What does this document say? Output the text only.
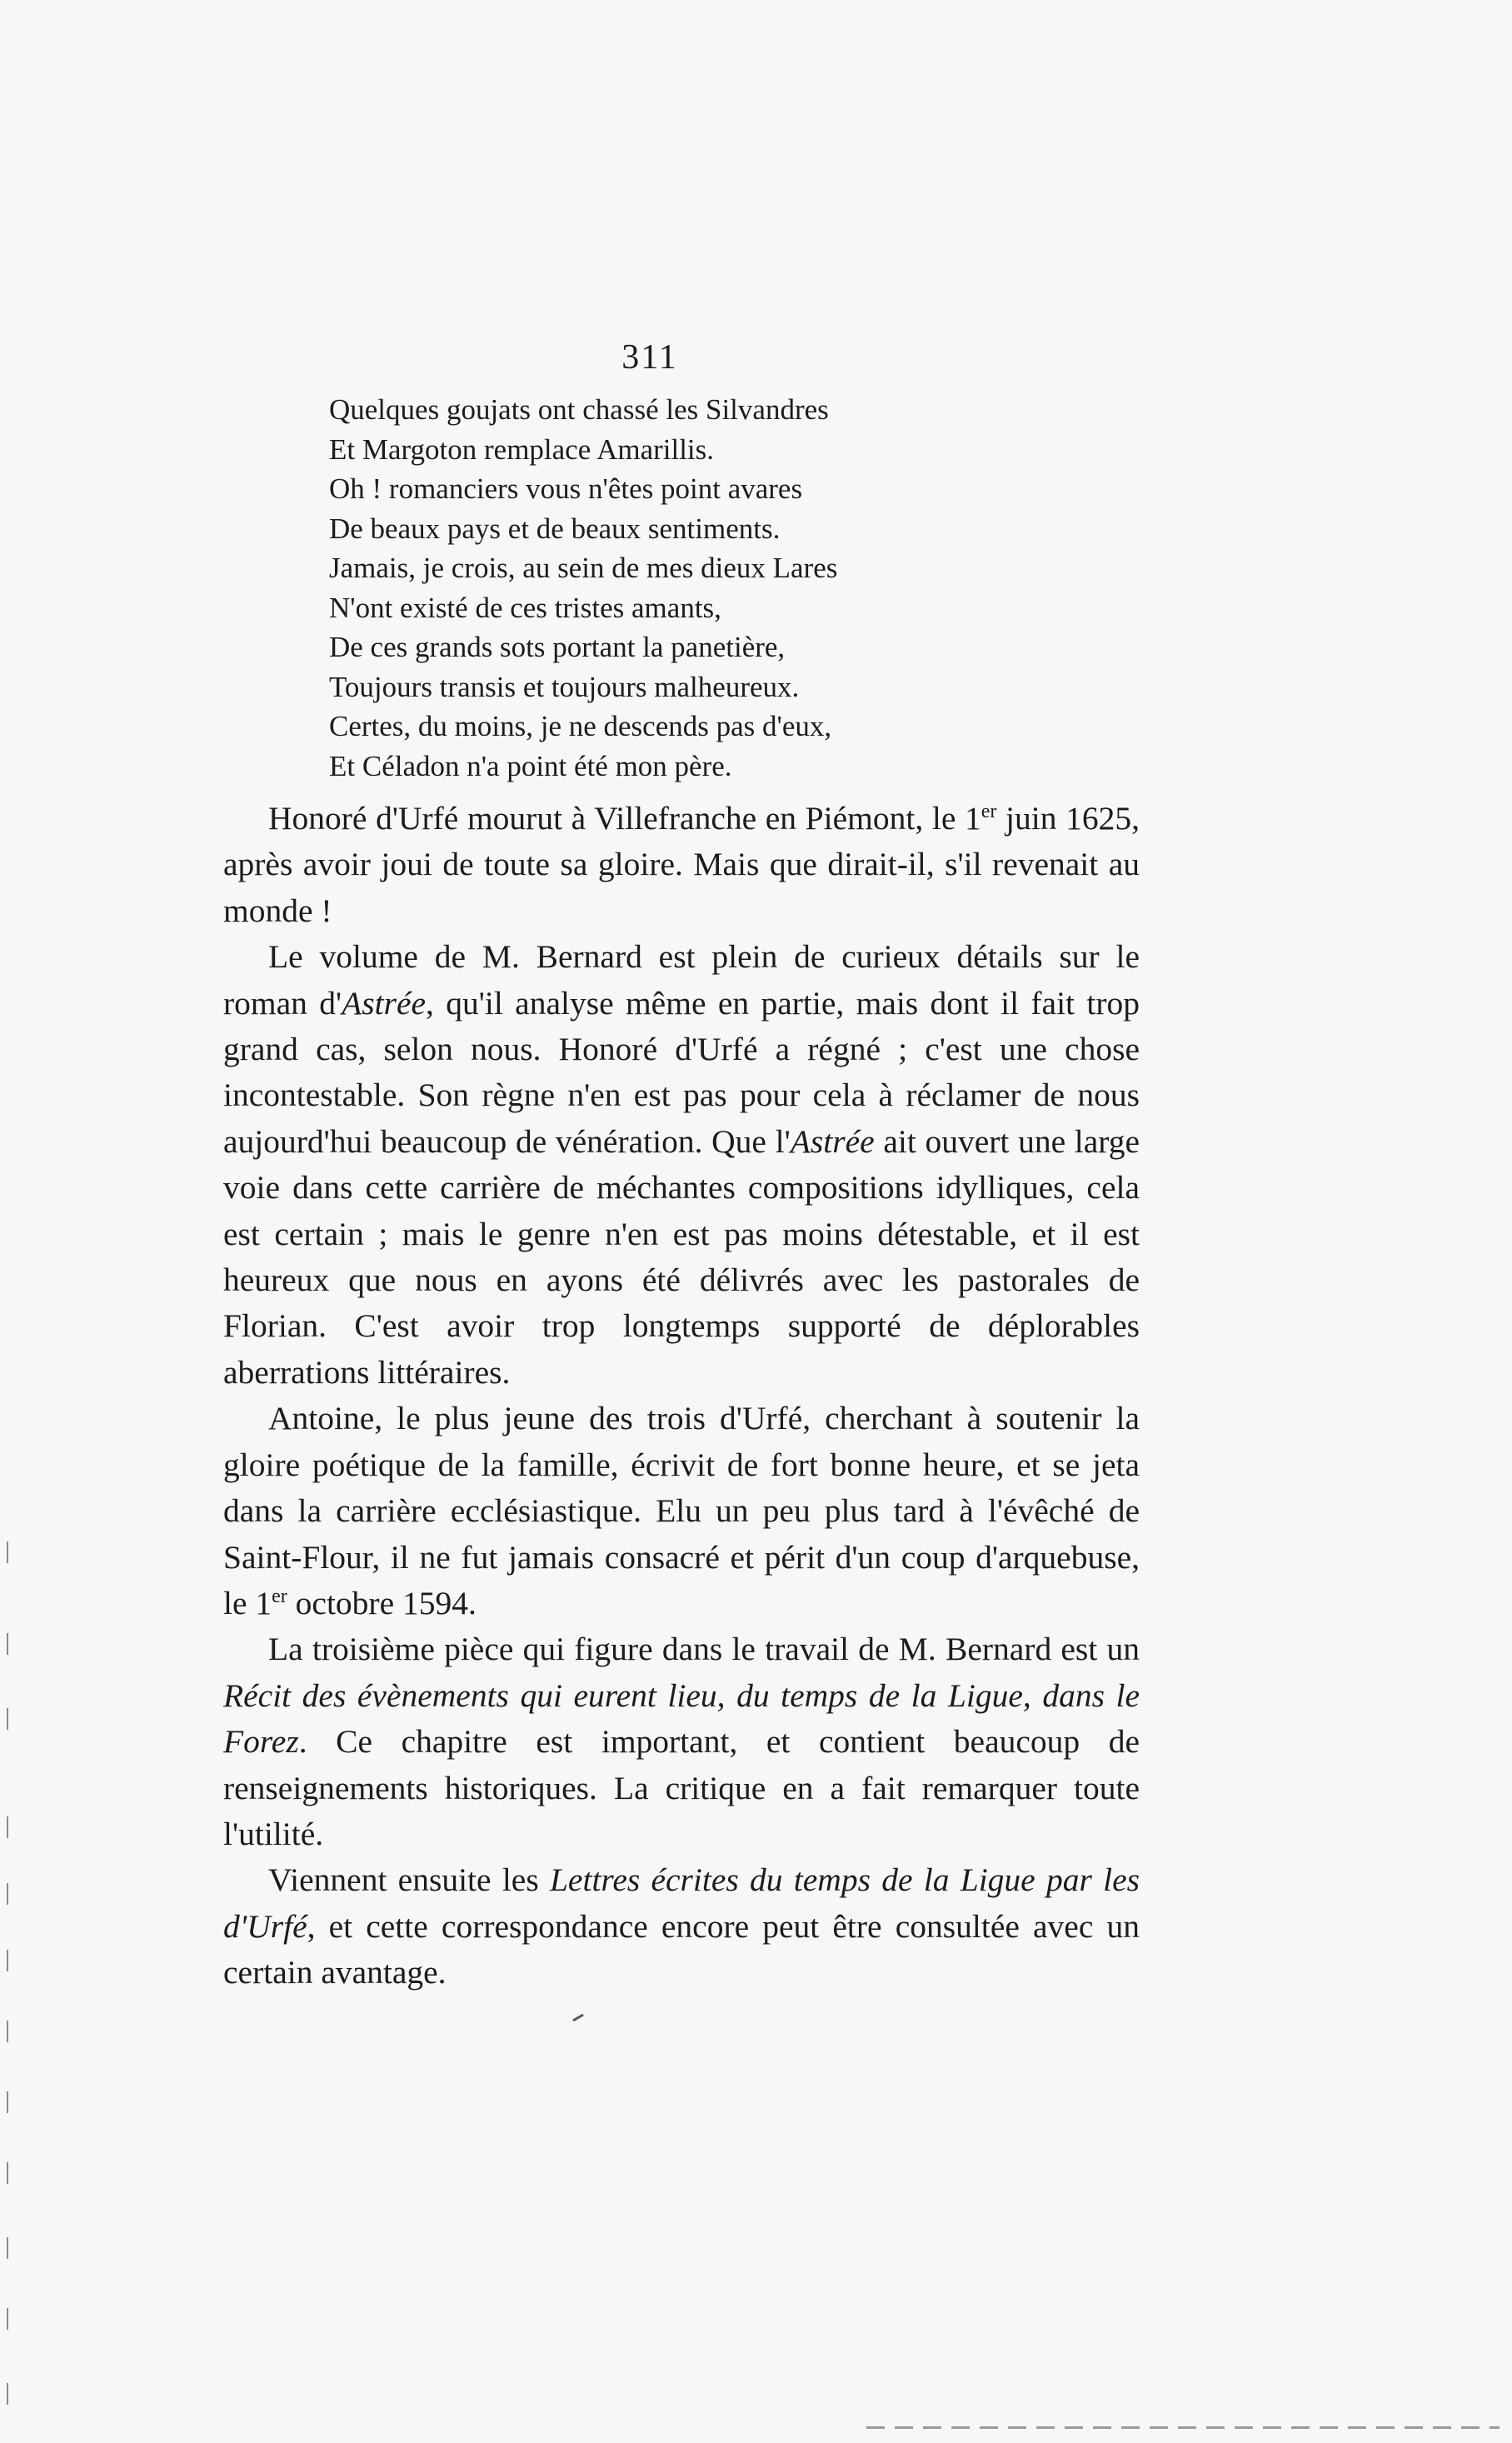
311
Quelques goujats ont chassé les Silvandres
Et Margoton remplace Amarillis.
Oh ! romanciers vous n'êtes point avares
De beaux pays et de beaux sentiments.
Jamais, je crois, au sein de mes dieux Lares
N'ont existé de ces tristes amants,
De ces grands sots portant la panetière,
Toujours transis et toujours malheureux.
Certes, du moins, je ne descends pas d'eux,
Et Céladon n'a point été mon père.

Honoré d'Urfé mourut à Villefranche en Piémont, le 1er juin 1625, après avoir joui de toute sa gloire. Mais que dirait-il, s'il revenait au monde !

Le volume de M. Bernard est plein de curieux détails sur le roman d'Astrée, qu'il analyse même en partie, mais dont il fait trop grand cas, selon nous. Honoré d'Urfé a régné ; c'est une chose incontestable. Son règne n'en est pas pour cela à réclamer de nous aujourd'hui beaucoup de vénération. Que l'Astrée ait ouvert une large voie dans cette carrière de méchantes compositions idylliques, cela est certain ; mais le genre n'en est pas moins détestable, et il est heureux que nous en ayons été délivrés avec les pastorales de Florian. C'est avoir trop longtemps supporté de déplorables aberrations littéraires.

Antoine, le plus jeune des trois d'Urfé, cherchant à soutenir la gloire poétique de la famille, écrivit de fort bonne heure, et se jeta dans la carrière ecclésiastique. Elu un peu plus tard à l'évêché de Saint-Flour, il ne fut jamais consacré et périt d'un coup d'arquebuse, le 1er octobre 1594.

La troisième pièce qui figure dans le travail de M. Bernard est un Récit des évènements qui eurent lieu, du temps de la Ligue, dans le Forez. Ce chapitre est important, et contient beaucoup de renseignements historiques. La critique en a fait remarquer toute l'utilité.

Viennent ensuite les Lettres écrites du temps de la Ligue par les d'Urfé, et cette correspondance encore peut être consultée avec un certain avantage.
